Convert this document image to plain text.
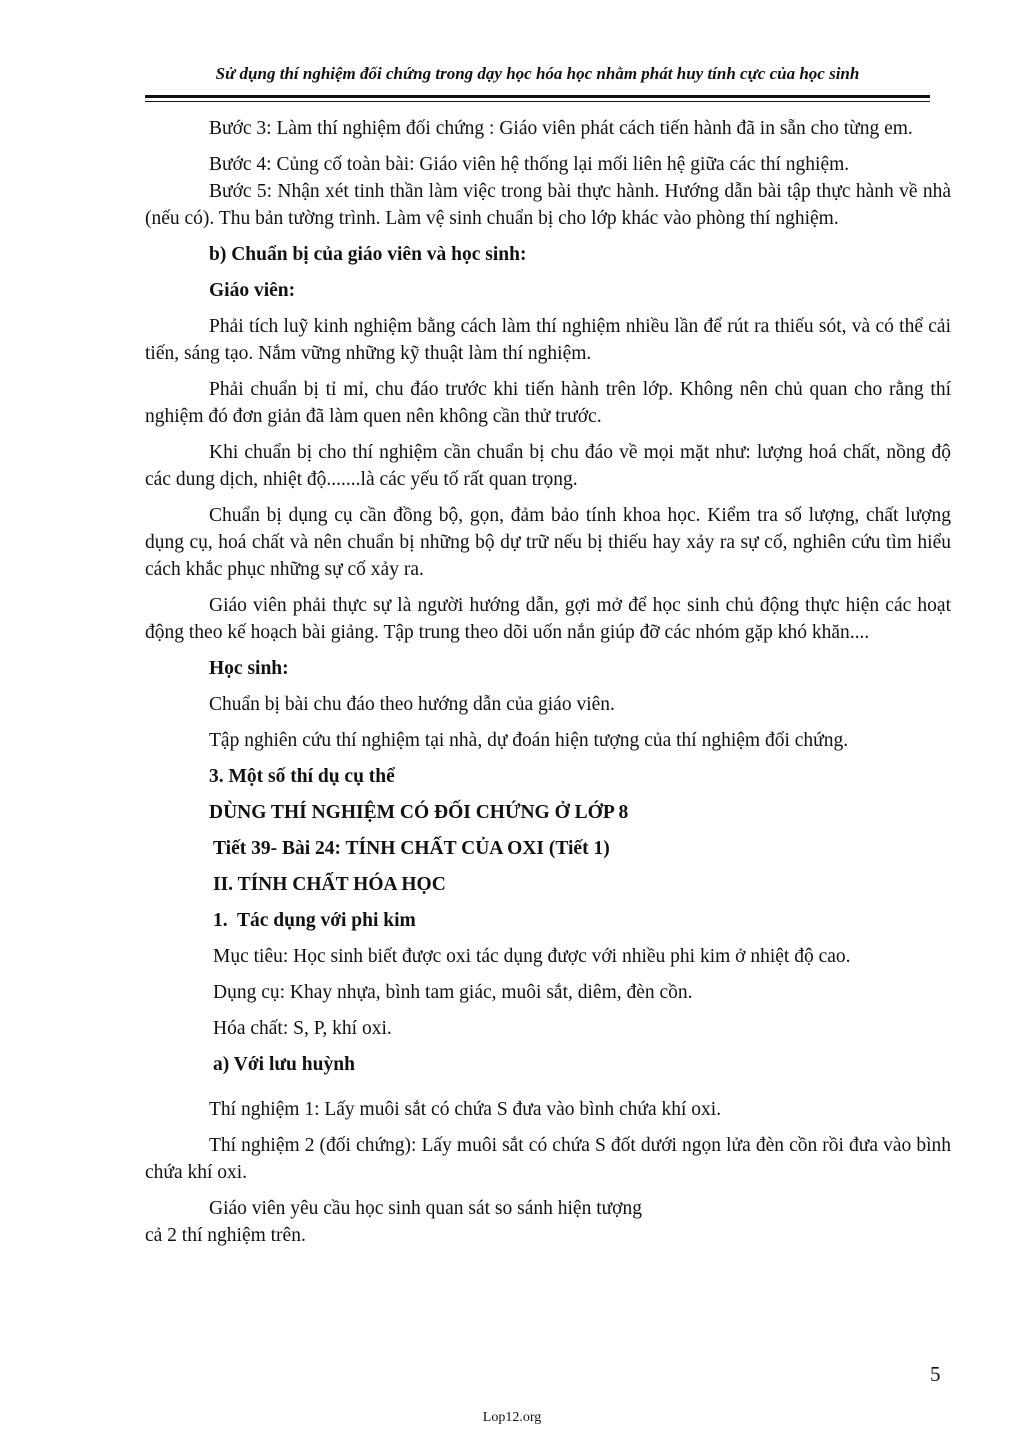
Sử dụng thí nghiệm đối chứng trong dạy học hóa học nhằm phát huy tính cực của học sinh

Bước 3: Làm thí nghiệm đối chứng : Giáo viên phát cách tiến hành đã in sẵn cho từng em.

Bước 4: Củng cố toàn bài: Giáo viên hệ thống lại mối liên hệ giữa các thí nghiệm.

Bước 5: Nhận xét tinh thần làm việc trong bài thực hành. Hướng dẫn bài tập thực hành về nhà (nếu có). Thu bản tường trình. Làm vệ sinh chuẩn bị cho lớp khác vào phòng thí nghiệm.

b) Chuẩn bị của giáo viên và học sinh:

Giáo viên:

Phải tích luỹ kinh nghiệm bằng cách làm thí nghiệm nhiều lần để rút ra thiếu sót, và có thể cải tiến, sáng tạo. Nắm vững những kỹ thuật làm thí nghiệm.

Phải chuẩn bị tỉ mỉ, chu đáo trước khi tiến hành trên lớp. Không nên chủ quan cho rằng thí nghiệm đó đơn giản đã làm quen nên không cần thử trước.

Khi chuẩn bị cho thí nghiệm cần chuẩn bị chu đáo về mọi mặt như: lượng hoá chất, nồng độ các dung dịch, nhiệt độ.......là các yếu tố rất quan trọng.

Chuẩn bị dụng cụ cần đồng bộ, gọn, đảm bảo tính khoa học. Kiểm tra số lượng, chất lượng dụng cụ, hoá chất và nên chuẩn bị những bộ dự trữ nếu bị thiếu hay xảy ra sự cố, nghiên cứu tìm hiểu cách khắc phục những sự cố xảy ra.

Giáo viên phải thực sự là người hướng dẫn, gợi mở để học sinh chủ động thực hiện các hoạt động theo kế hoạch bài giảng. Tập trung theo dõi uốn nắn giúp đỡ các nhóm gặp khó khăn....

Học sinh:

Chuẩn bị bài chu đáo theo hướng dẫn của giáo viên.

Tập nghiên cứu thí nghiệm tại nhà, dự đoán hiện tượng của thí nghiệm đối chứng.

3. Một số thí dụ cụ thể

DÙNG THÍ NGHIỆM CÓ ĐỐI CHỨNG Ở LỚP 8

Tiết 39- Bài 24: TÍNH CHẤT CỦA OXI (Tiết 1)

II. TÍNH CHẤT HÓA HỌC

1. Tác dụng với phi kim

Mục tiêu: Học sinh biết được oxi tác dụng được với nhiều phi kim ở nhiệt độ cao.

Dụng cụ: Khay nhựa, bình tam giác, muôi sắt, diêm, đèn cồn.

Hóa chất: S, P, khí oxi.

a) Với lưu huỳnh

Thí nghiệm 1: Lấy muôi sắt có chứa S đưa vào bình chứa khí oxi.

Thí nghiệm 2 (đối chứng): Lấy muôi sắt có chứa S đốt dưới ngọn lửa đèn cồn rồi đưa vào bình chứa khí oxi.

Giáo viên yêu cầu học sinh quan sát so sánh hiện tượng

cả 2 thí nghiệm trên.

5
Lop12.org
